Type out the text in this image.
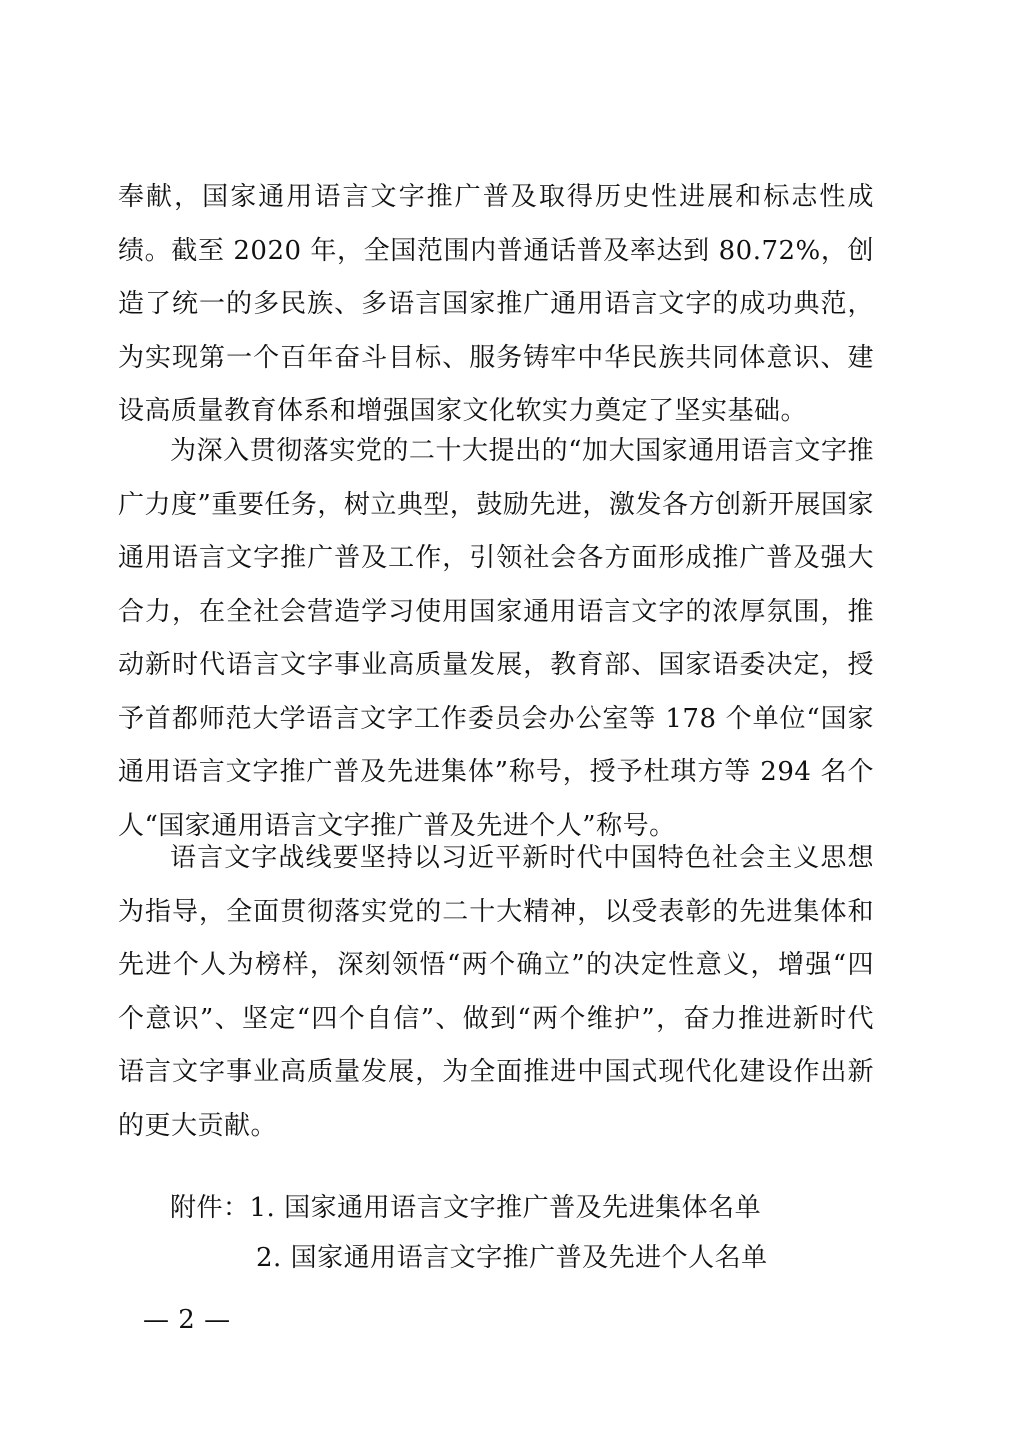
奉献，国家通用语言文字推广普及取得历史性进展和标志性成绩。截至 2020 年，全国范围内普通话普及率达到 80.72%，创造了统一的多民族、多语言国家推广通用语言文字的成功典范，为实现第一个百年奋斗目标、服务铸牢中华民族共同体意识、建设高质量教育体系和增强国家文化软实力奠定了坚实基础。
为深入贯彻落实党的二十大提出的“加大国家通用语言文字推广力度”重要任务，树立典型，鼓励先进，激发各方创新开展国家通用语言文字推广普及工作，引领社会各方面形成推广普及强大合力，在全社会营造学习使用国家通用语言文字的浓厚氛围，推动新时代语言文字事业高质量发展，教育部、国家语委决定，授予首都师范大学语言文字工作委员会办公室等 178 个单位“国家通用语言文字推广普及先进集体”称号，授予杜琪方等 294 名个人“国家通用语言文字推广普及先进个人”称号。
语言文字战线要坚持以习近平新时代中国特色社会主义思想为指导，全面贯彻落实党的二十大精神，以受表彰的先进集体和先进个人为榜样，深刻领悟“两个确立”的决定性意义，增强“四个意识”、坚定“四个自信”、做到“两个维护”，奋力推进新时代语言文字事业高质量发展，为全面推进中国式现代化建设作出新的更大贡献。
附件：1. 国家通用语言文字推广普及先进集体名单
2. 国家通用语言文字推广普及先进个人名单
— 2 —
